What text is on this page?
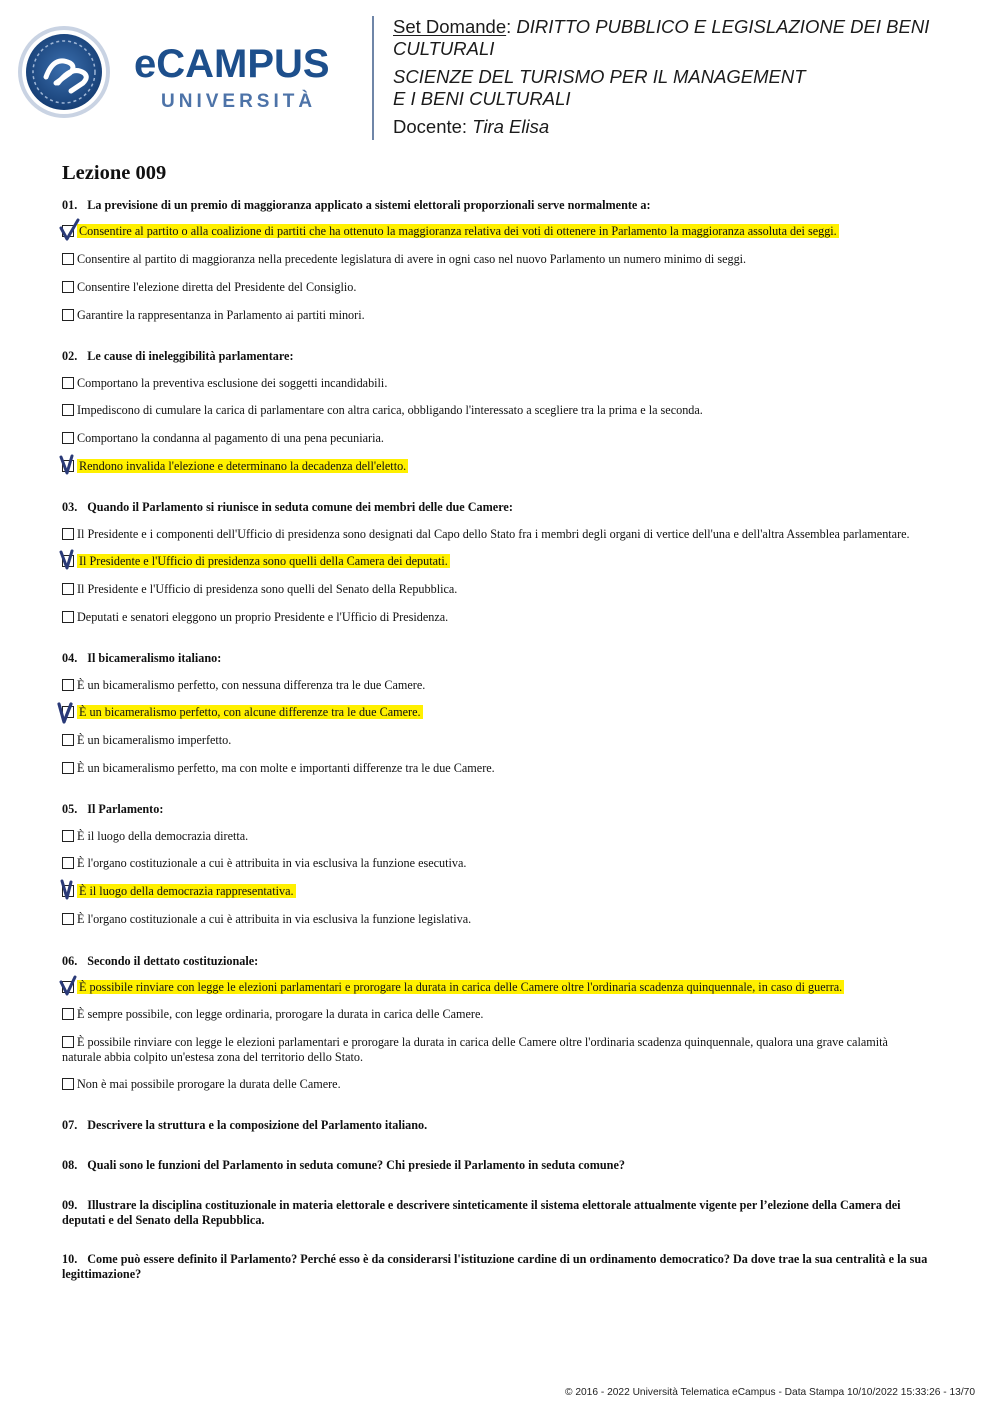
eCAMPUS
UNIVERSITÀ
Set Domande: DIRITTO PUBBLICO E LEGISLAZIONE DEI BENI
CULTURALI
SCIENZE DEL TURISMO PER IL MANAGEMENT
E I BENI CULTURALI
Docente: Tira Elisa
Lezione 009
01. La previsione di un premio di maggioranza applicato a sistemi elettorali proporzionali serve normalmente a:
Consentire al partito o alla coalizione di partiti che ha ottenuto la maggioranza relativa dei voti di ottenere in Parlamento la maggioranza assoluta dei seggi.
Consentire al partito di maggioranza nella precedente legislatura di avere in ogni caso nel nuovo Parlamento un numero minimo di seggi.
Consentire l'elezione diretta del Presidente del Consiglio.
Garantire la rappresentanza in Parlamento ai partiti minori.
02. Le cause di ineleggibilità parlamentare:
Comportano la preventiva esclusione dei soggetti incandidabili.
Impediscono di cumulare la carica di parlamentare con altra carica, obbligando l'interessato a scegliere tra la prima e la seconda.
Comportano la condanna al pagamento di una pena pecuniaria.
Rendono invalida l'elezione e determinano la decadenza dell'eletto.
03. Quando il Parlamento si riunisce in seduta comune dei membri delle due Camere:
Il Presidente e i componenti dell'Ufficio di presidenza sono designati dal Capo dello Stato fra i membri degli organi di vertice dell'una e dell'altra Assemblea parlamentare.
Il Presidente e l'Ufficio di presidenza sono quelli della Camera dei deputati.
Il Presidente e l'Ufficio di presidenza sono quelli del Senato della Repubblica.
Deputati e senatori eleggono un proprio Presidente e l'Ufficio di Presidenza.
04. Il bicameralismo italiano:
È un bicameralismo perfetto, con nessuna differenza tra le due Camere.
È un bicameralismo perfetto, con alcune differenze tra le due Camere.
È un bicameralismo imperfetto.
È un bicameralismo perfetto, ma con molte e importanti differenze tra le due Camere.
05. Il Parlamento:
È il luogo della democrazia diretta.
È l'organo costituzionale a cui è attribuita in via esclusiva la funzione esecutiva.
È il luogo della democrazia rappresentativa.
È l'organo costituzionale a cui è attribuita in via esclusiva la funzione legislativa.
06. Secondo il dettato costituzionale:
È possibile rinviare con legge le elezioni parlamentari e prorogare la durata in carica delle Camere oltre l'ordinaria scadenza quinquennale, in caso di guerra.
È sempre possibile, con legge ordinaria, prorogare la durata in carica delle Camere.
È possibile rinviare con legge le elezioni parlamentari e prorogare la durata in carica delle Camere oltre l'ordinaria scadenza quinquennale, qualora una grave calamità naturale abbia colpito un'estesa zona del territorio dello Stato.
Non è mai possibile prorogare la durata delle Camere.
07. Descrivere la struttura e la composizione del Parlamento italiano.
08. Quali sono le funzioni del Parlamento in seduta comune? Chi presiede il Parlamento in seduta comune?
09. Illustrare la disciplina costituzionale in materia elettorale e descrivere sinteticamente il sistema elettorale attualmente vigente per l’elezione della Camera dei deputati e del Senato della Repubblica.
10. Come può essere definito il Parlamento? Perché esso è da considerarsi l'istituzione cardine di un ordinamento democratico? Da dove trae la sua centralità e la sua legittimazione?
© 2016 - 2022 Università Telematica eCampus - Data Stampa 10/10/2022 15:33:26 - 13/70
